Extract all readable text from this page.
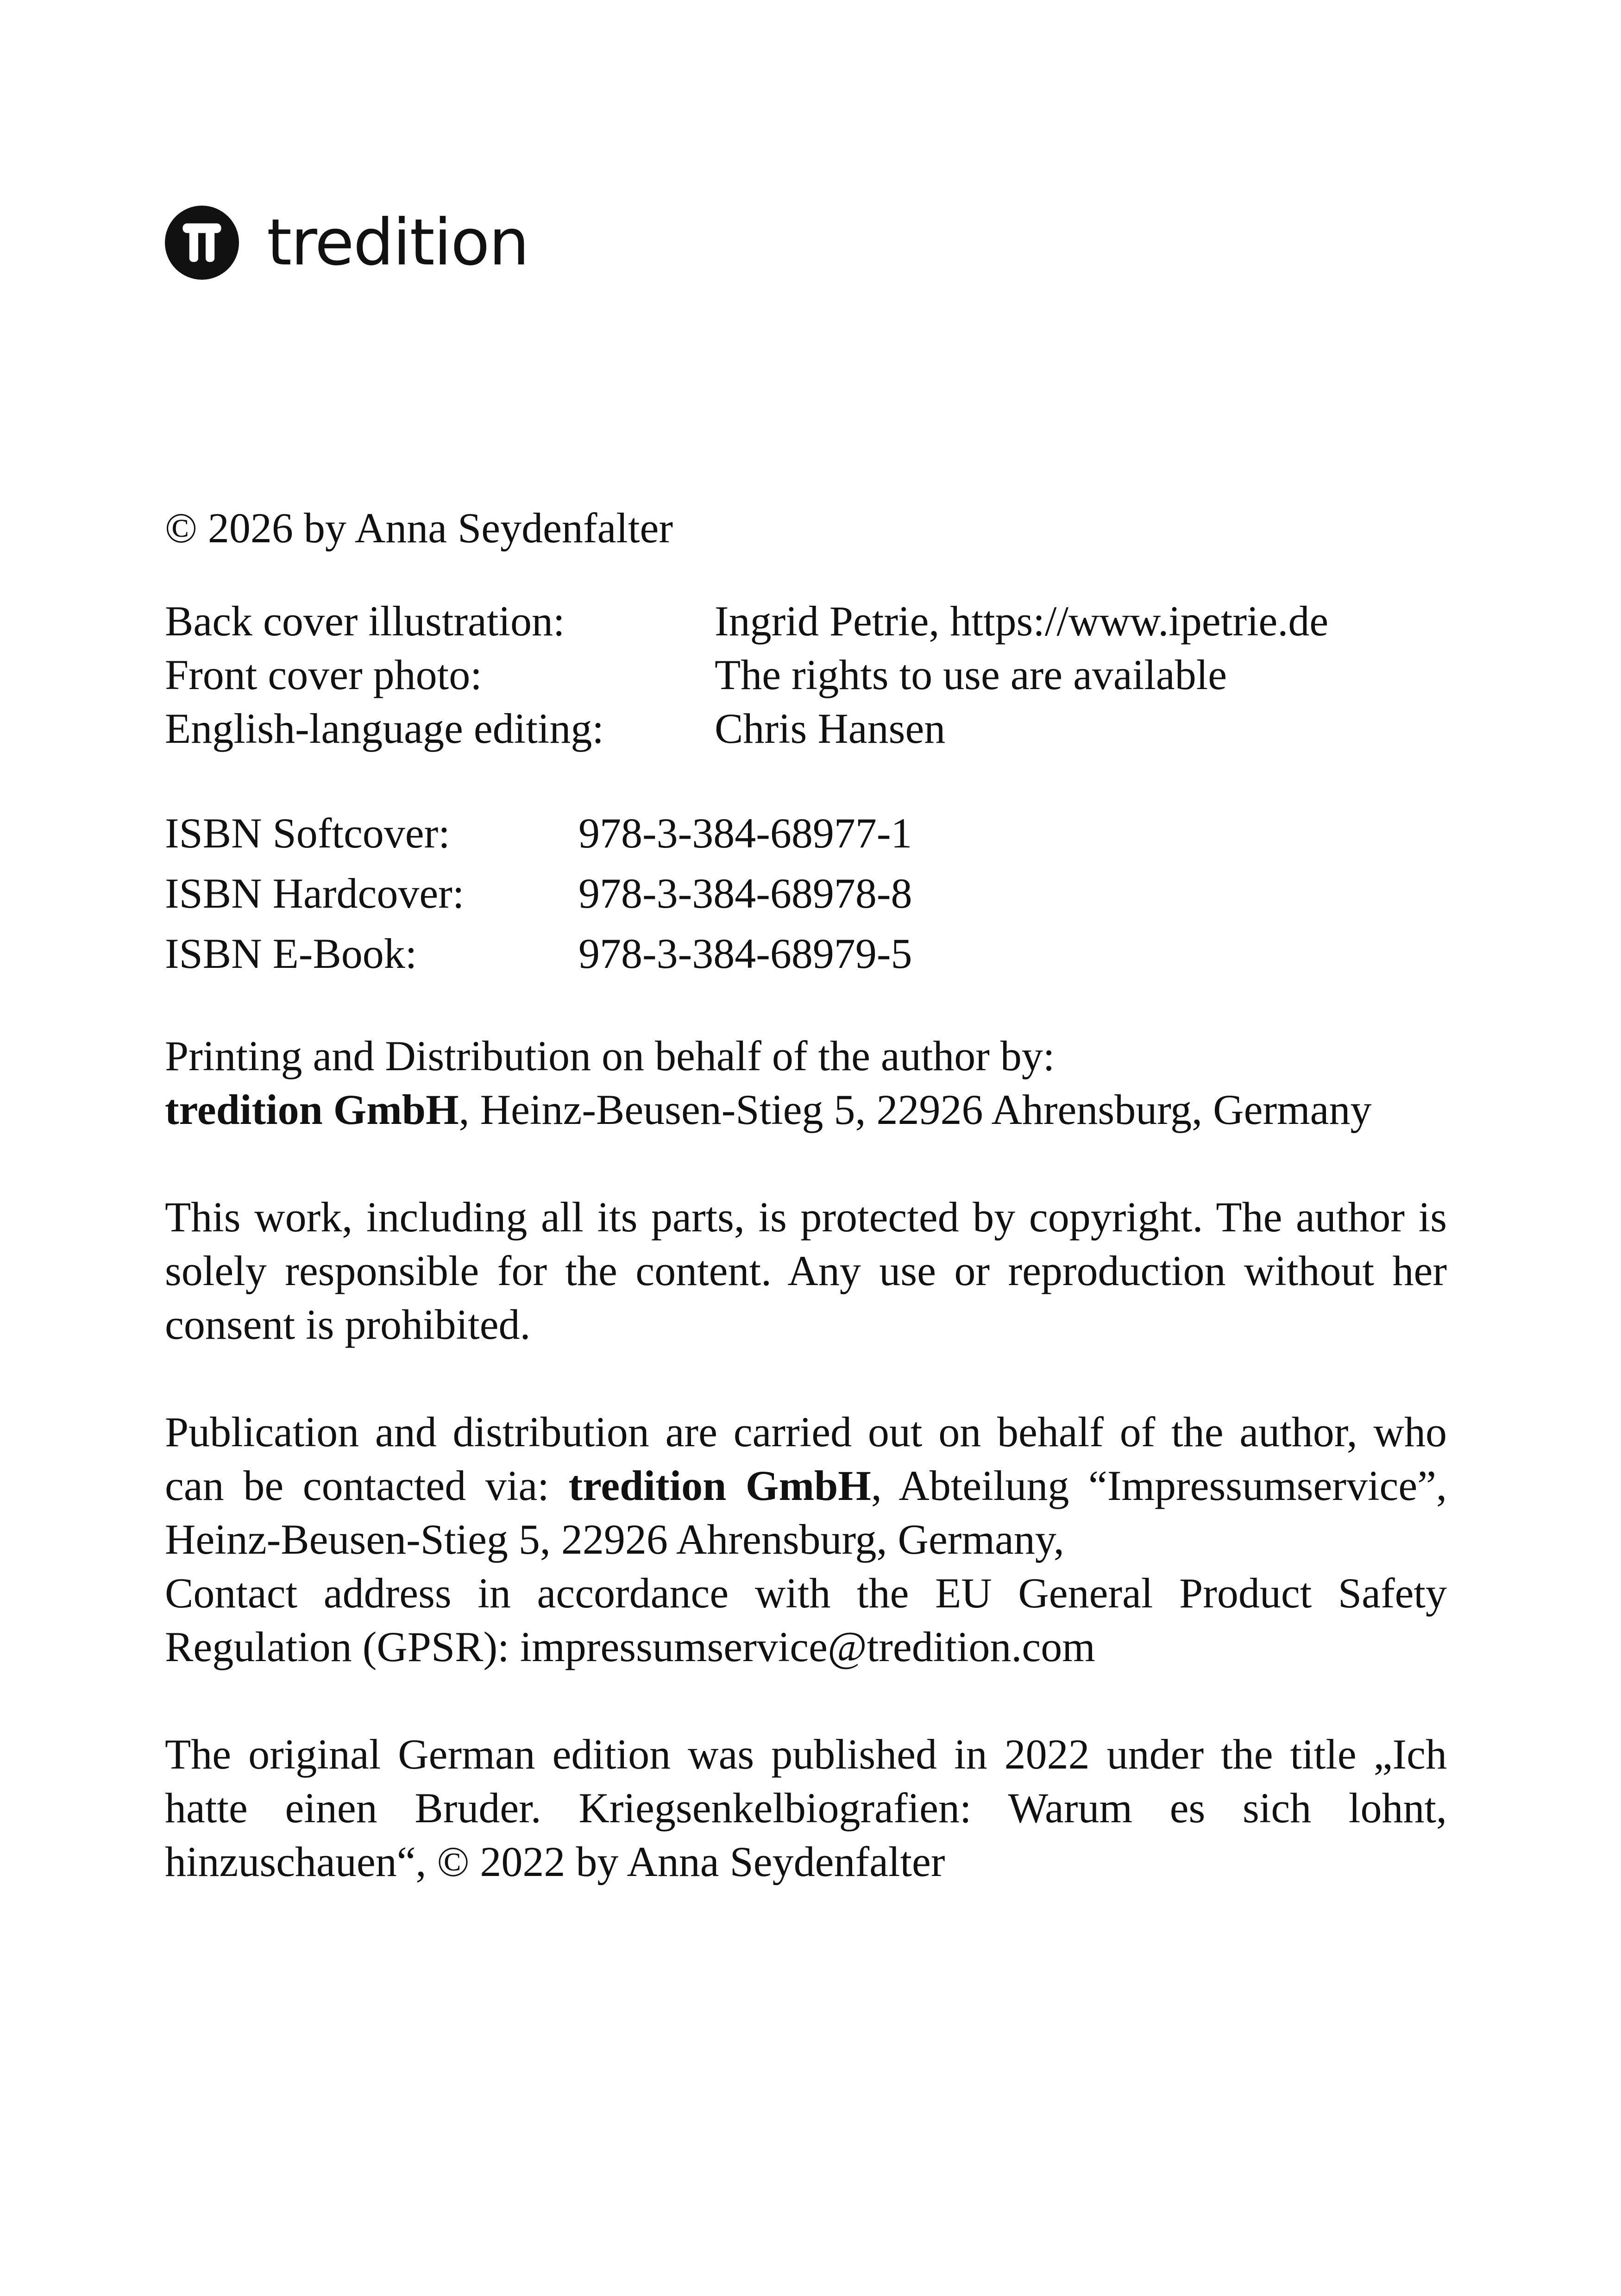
tredition

© 2026 by Anna Seydenfalter

Back cover illustration:	Ingrid Petrie, https://www.ipetrie.de
Front cover photo:	The rights to use are available
English-language editing:	Chris Hansen
ISBN Softcover:	978-3-384-68977-1
ISBN Hardcover:	978-3-384-68978-8
ISBN E-Book:	978-3-384-68979-5
Printing and Distribution on behalf of the author by:
tredition GmbH, Heinz-Beusen-Stieg 5, 22926 Ahrensburg, Germany

This work, including all its parts, is protected by copyright. The author is solely responsible for the content. Any use or reproduction without her consent is prohibited.

Publication and distribution are carried out on behalf of the author, who can be contacted via: tredition GmbH, Abteilung “Impressumservice”, Heinz-Beusen-Stieg 5, 22926 Ahrensburg, Germany,
Contact address in accordance with the EU General Product Safety Regulation (GPSR): impressumservice@tredition.com

The original German edition was published in 2022 under the title „Ich hatte einen Bruder. Kriegsenkelbiografien: Warum es sich lohnt, hinzuschauen“, © 2022 by Anna Seydenfalter
